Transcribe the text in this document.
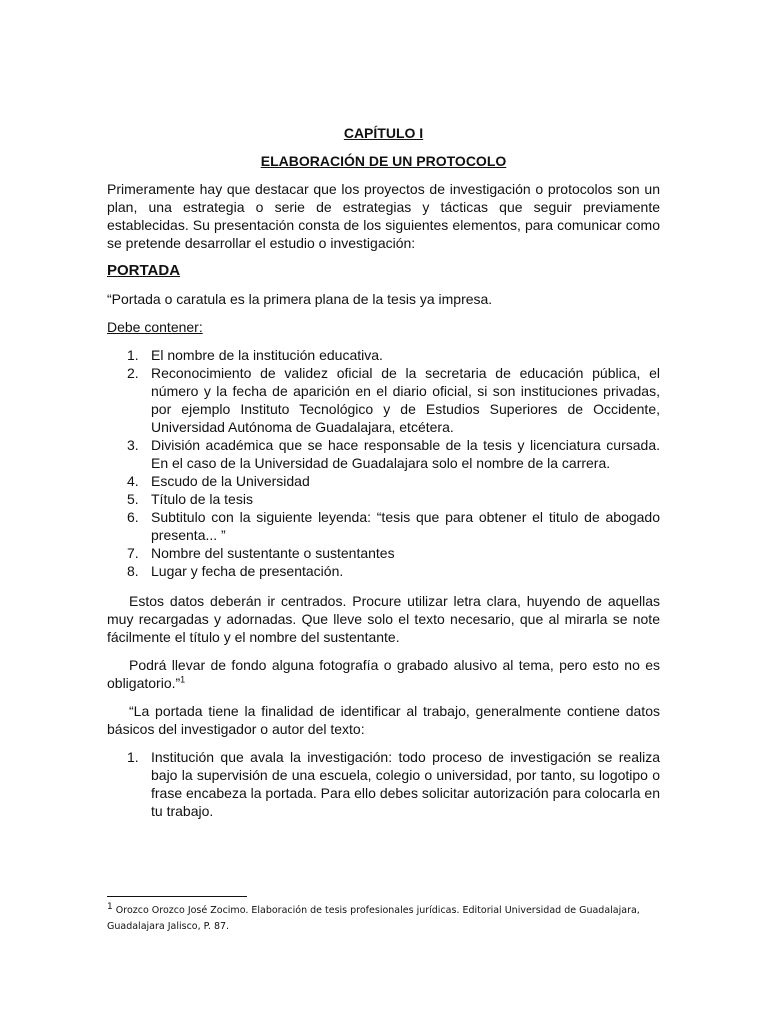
CAPÍTULO I

ELABORACIÓN DE UN PROTOCOLO

Primeramente hay que destacar que los proyectos de investigación o protocolos son un plan, una estrategia o serie de estrategias y tácticas que seguir previamente establecidas. Su presentación consta de los siguientes elementos, para comunicar como se pretende desarrollar el estudio o investigación:

PORTADA

“Portada o caratula es la primera plana de la tesis ya impresa.

Debe contener:

1. El nombre de la institución educativa.
2. Reconocimiento de validez oficial de la secretaria de educación pública, el número y la fecha de aparición en el diario oficial, si son instituciones privadas, por ejemplo Instituto Tecnológico y de Estudios Superiores de Occidente, Universidad Autónoma de Guadalajara, etcétera.
3. División académica que se hace responsable de la tesis y licenciatura cursada. En el caso de la Universidad de Guadalajara solo el nombre de la carrera.
4. Escudo de la Universidad
5. Título de la tesis
6. Subtitulo con la siguiente leyenda: “tesis que para obtener el titulo de abogado presenta... ”
7. Nombre del sustentante o sustentantes
8. Lugar y fecha de presentación.

Estos datos deberán ir centrados. Procure utilizar letra clara, huyendo de aquellas muy recargadas y adornadas. Que lleve solo el texto necesario, que al mirarla se note fácilmente el título y el nombre del sustentante.

Podrá llevar de fondo alguna fotografía o grabado alusivo al tema, pero esto no es obligatorio.”$^1$

“La portada tiene la finalidad de identificar al trabajo, generalmente contiene datos básicos del investigador o autor del texto:

1. Institución que avala la investigación: todo proceso de investigación se realiza bajo la supervisión de una escuela, colegio o universidad, por tanto, su logotipo o frase encabeza la portada. Para ello debes solicitar autorización para colocarla en tu trabajo.
$^1$ Orozco Orozco José Zocimo. Elaboración de tesis profesionales jurídicas. Editorial Universidad de Guadalajara, Guadalajara Jalisco, P. 87.
